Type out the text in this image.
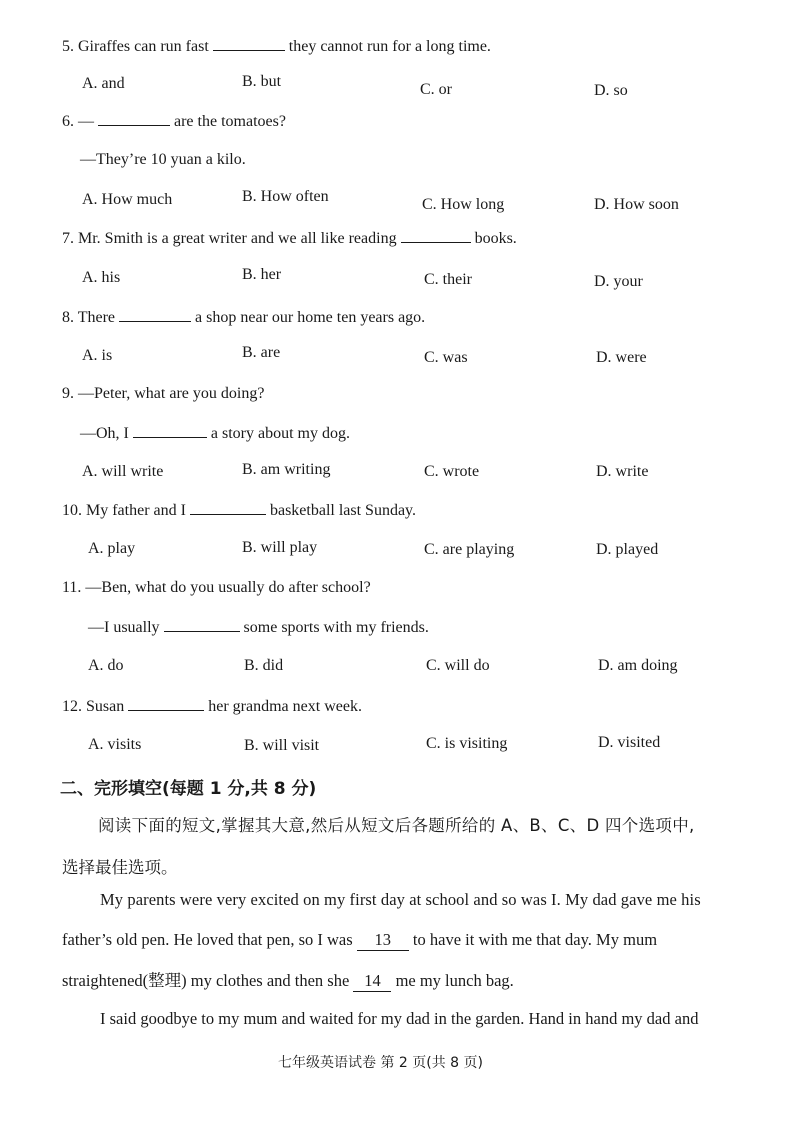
5. Giraffes can run fast	they cannot run for a long time.
A. and	B. but	C. or	D. so
6. —	are the tomatoes?
—They’re 10 yuan a kilo.
A. How much	B. How often	C. How long	D. How soon
7. Mr. Smith is a great writer and we all like reading	books.
A. his	B. her	C. their	D. your
8. There	a shop near our home ten years ago.
A. is	B. are	C. was	D. were
9. —Peter, what are you doing?
—Oh, I	a story about my dog.
A. will write	B. am writing	C. wrote	D. write
10. My father and I	basketball last Sunday.
A. play	B. will play	C. are playing	D. played
11. —Ben, what do you usually do after school?
—I usually	some sports with my friends.
A. do	B. did	C. will do	D. am doing
12. Susan	her grandma next week.
A. visits	B. will visit	C. is visiting	D. visited
二、完形填空(每题 1 分,共 8 分)
阅读下面的短文,掌握其大意,然后从短文后各题所给的 A、B、C、D 四个选项中,
选择最佳选项。
My parents were very excited on my first day at school and so was I. My dad gave me his
father’s old pen. He loved that pen, so I was 13 to have it with me that day. My mum
straightened(整理) my clothes and then she 14 me my lunch bag.
I said goodbye to my mum and waited for my dad in the garden. Hand in hand my dad and
七年级英语试卷 第 2 页(共 8 页)
